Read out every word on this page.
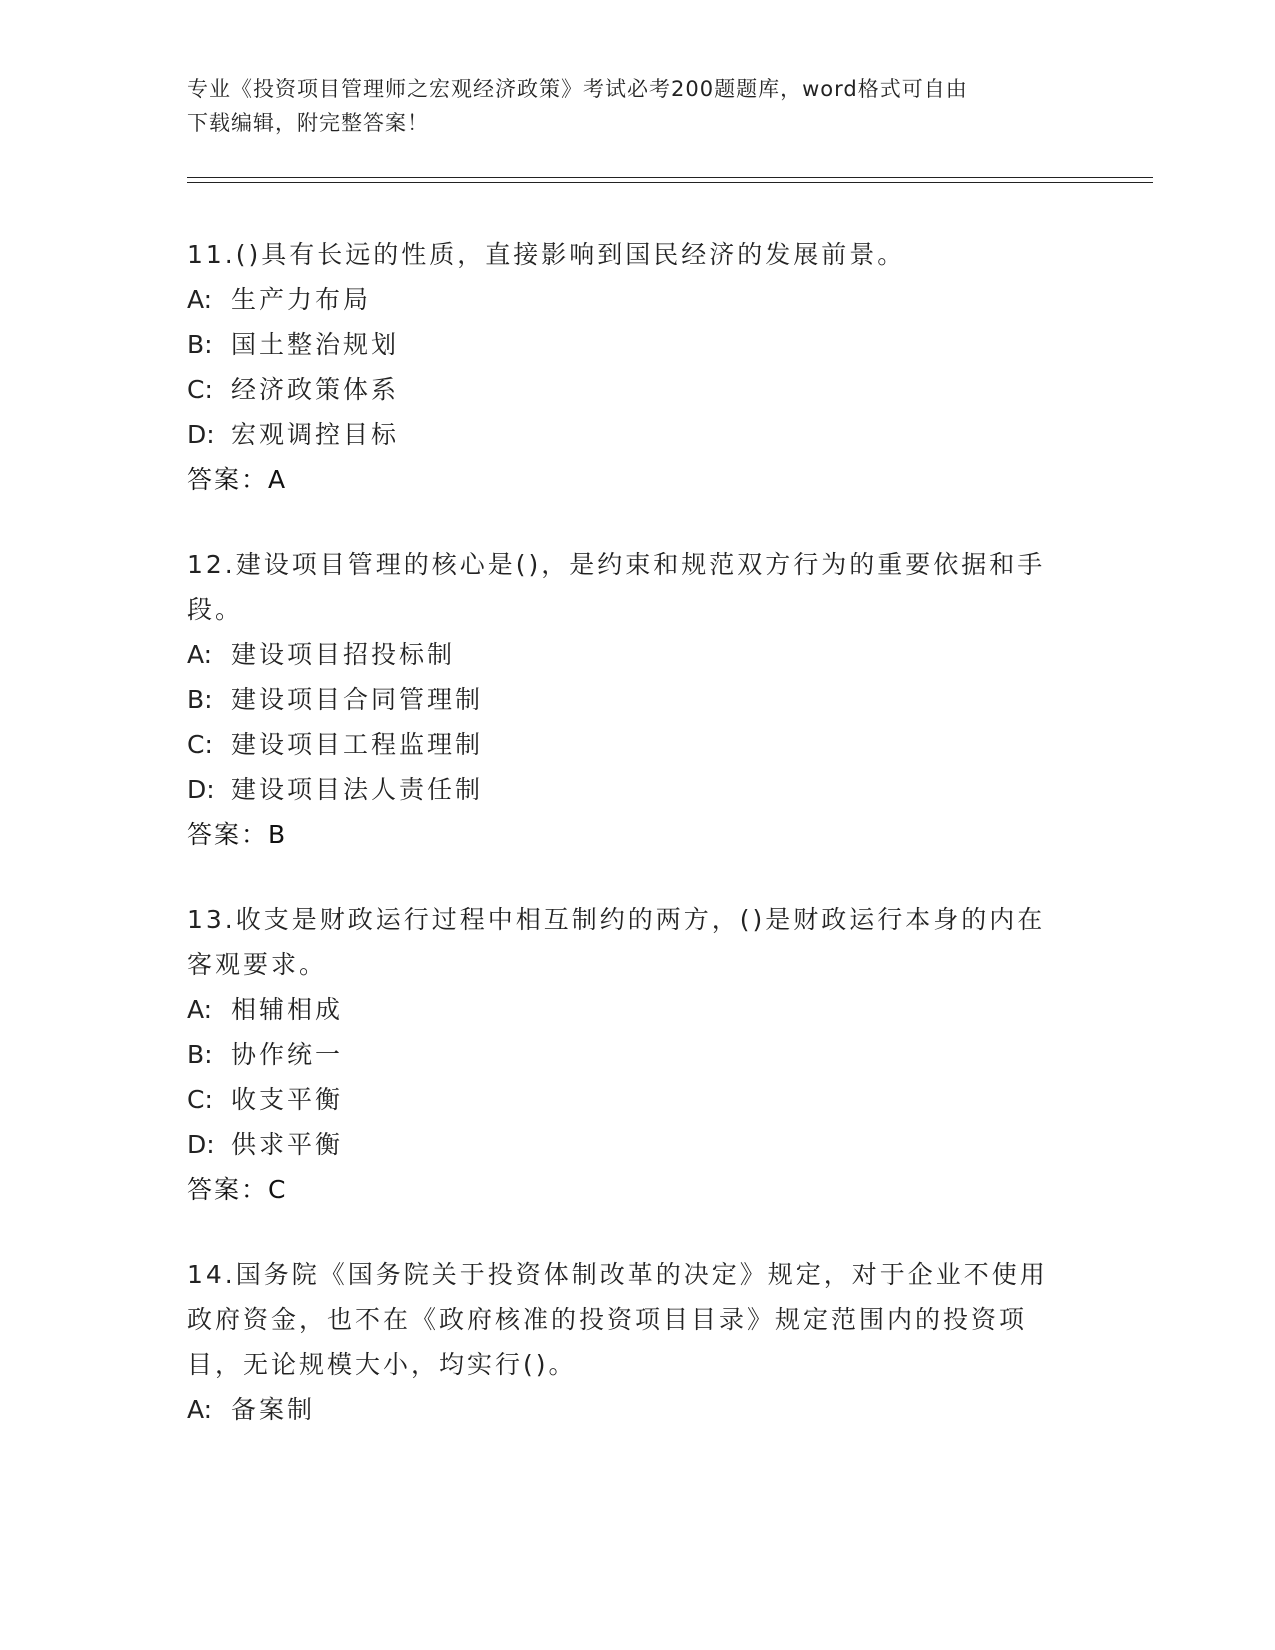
专业《投资项目管理师之宏观经济政策》考试必考200题题库，word格式可自由
下载编辑，附完整答案！
11.()具有长远的性质，直接影响到国民经济的发展前景。
A: 生产力布局
B: 国土整治规划
C: 经济政策体系
D: 宏观调控目标
答案：A
12.建设项目管理的核心是()，是约束和规范双方行为的重要依据和手
段。
A: 建设项目招投标制
B: 建设项目合同管理制
C: 建设项目工程监理制
D: 建设项目法人责任制
答案：B
13.收支是财政运行过程中相互制约的两方，()是财政运行本身的内在
客观要求。
A: 相辅相成
B: 协作统一
C: 收支平衡
D: 供求平衡
答案：C
14.国务院《国务院关于投资体制改革的决定》规定，对于企业不使用
政府资金，也不在《政府核准的投资项目目录》规定范围内的投资项
目，无论规模大小，均实行()。
A: 备案制
